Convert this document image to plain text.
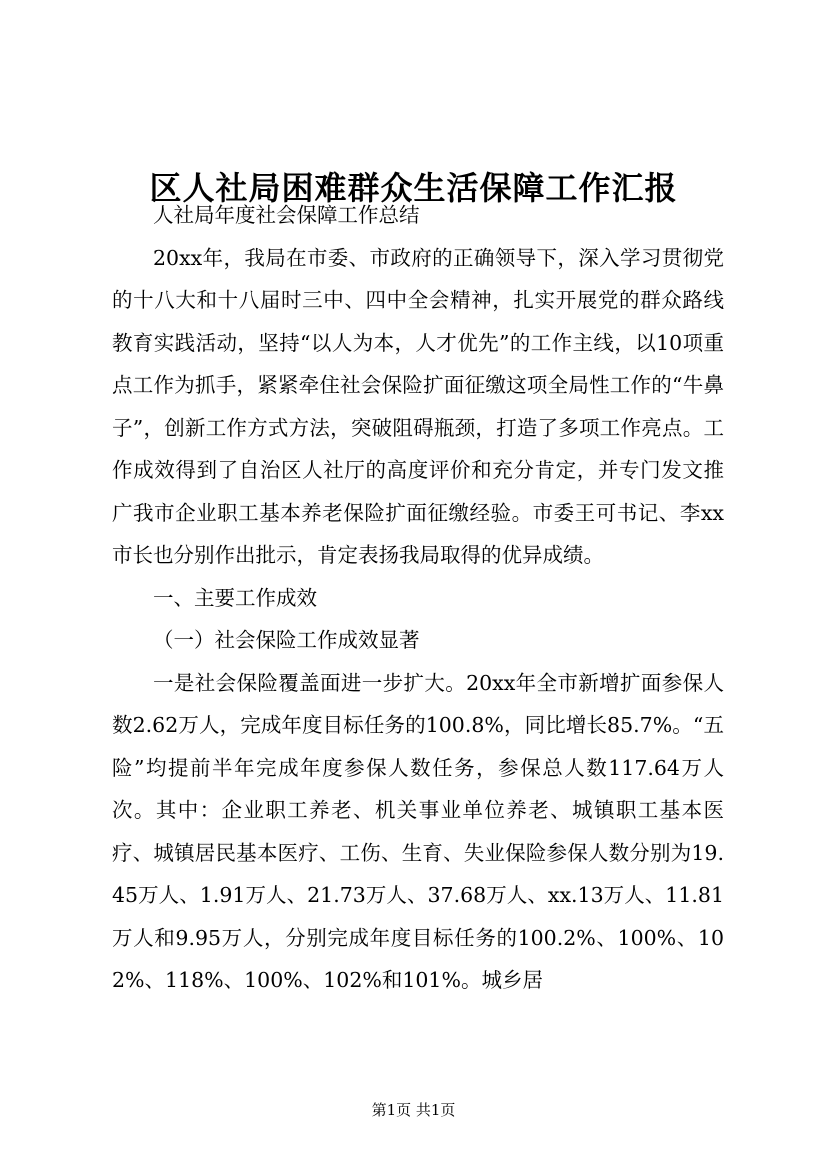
区人社局困难群众生活保障工作汇报

人社局年度社会保障工作总结

20xx年，我局在市委、市政府的正确领导下，深入学习贯彻党的十八大和十八届时三中、四中全会精神，扎实开展党的群众路线教育实践活动，坚持“以人为本，人才优先”的工作主线，以10项重点工作为抓手，紧紧牵住社会保险扩面征缴这项全局性工作的“牛鼻子”，创新工作方式方法，突破阻碍瓶颈，打造了多项工作亮点。工作成效得到了自治区人社厅的高度评价和充分肯定，并专门发文推广我市企业职工基本养老保险扩面征缴经验。市委王可书记、李xx市长也分别作出批示，肯定表扬我局取得的优异成绩。

一、主要工作成效

（一）社会保险工作成效显著

一是社会保险覆盖面进一步扩大。20xx年全市新增扩面参保人数2.62万人，完成年度目标任务的100.8%，同比增长85.7%。“五险”均提前半年完成年度参保人数任务，参保总人数117.64万人次。其中：企业职工养老、机关事业单位养老、城镇职工基本医疗、城镇居民基本医疗、工伤、生育、失业保险参保人数分别为19.45万人、1.91万人、21.73万人、37.68万人、xx.13万人、11.81万人和9.95万人，分别完成年度目标任务的100.2%、100%、102%、118%、100%、102%和101%。城乡居

第1页 共1页
